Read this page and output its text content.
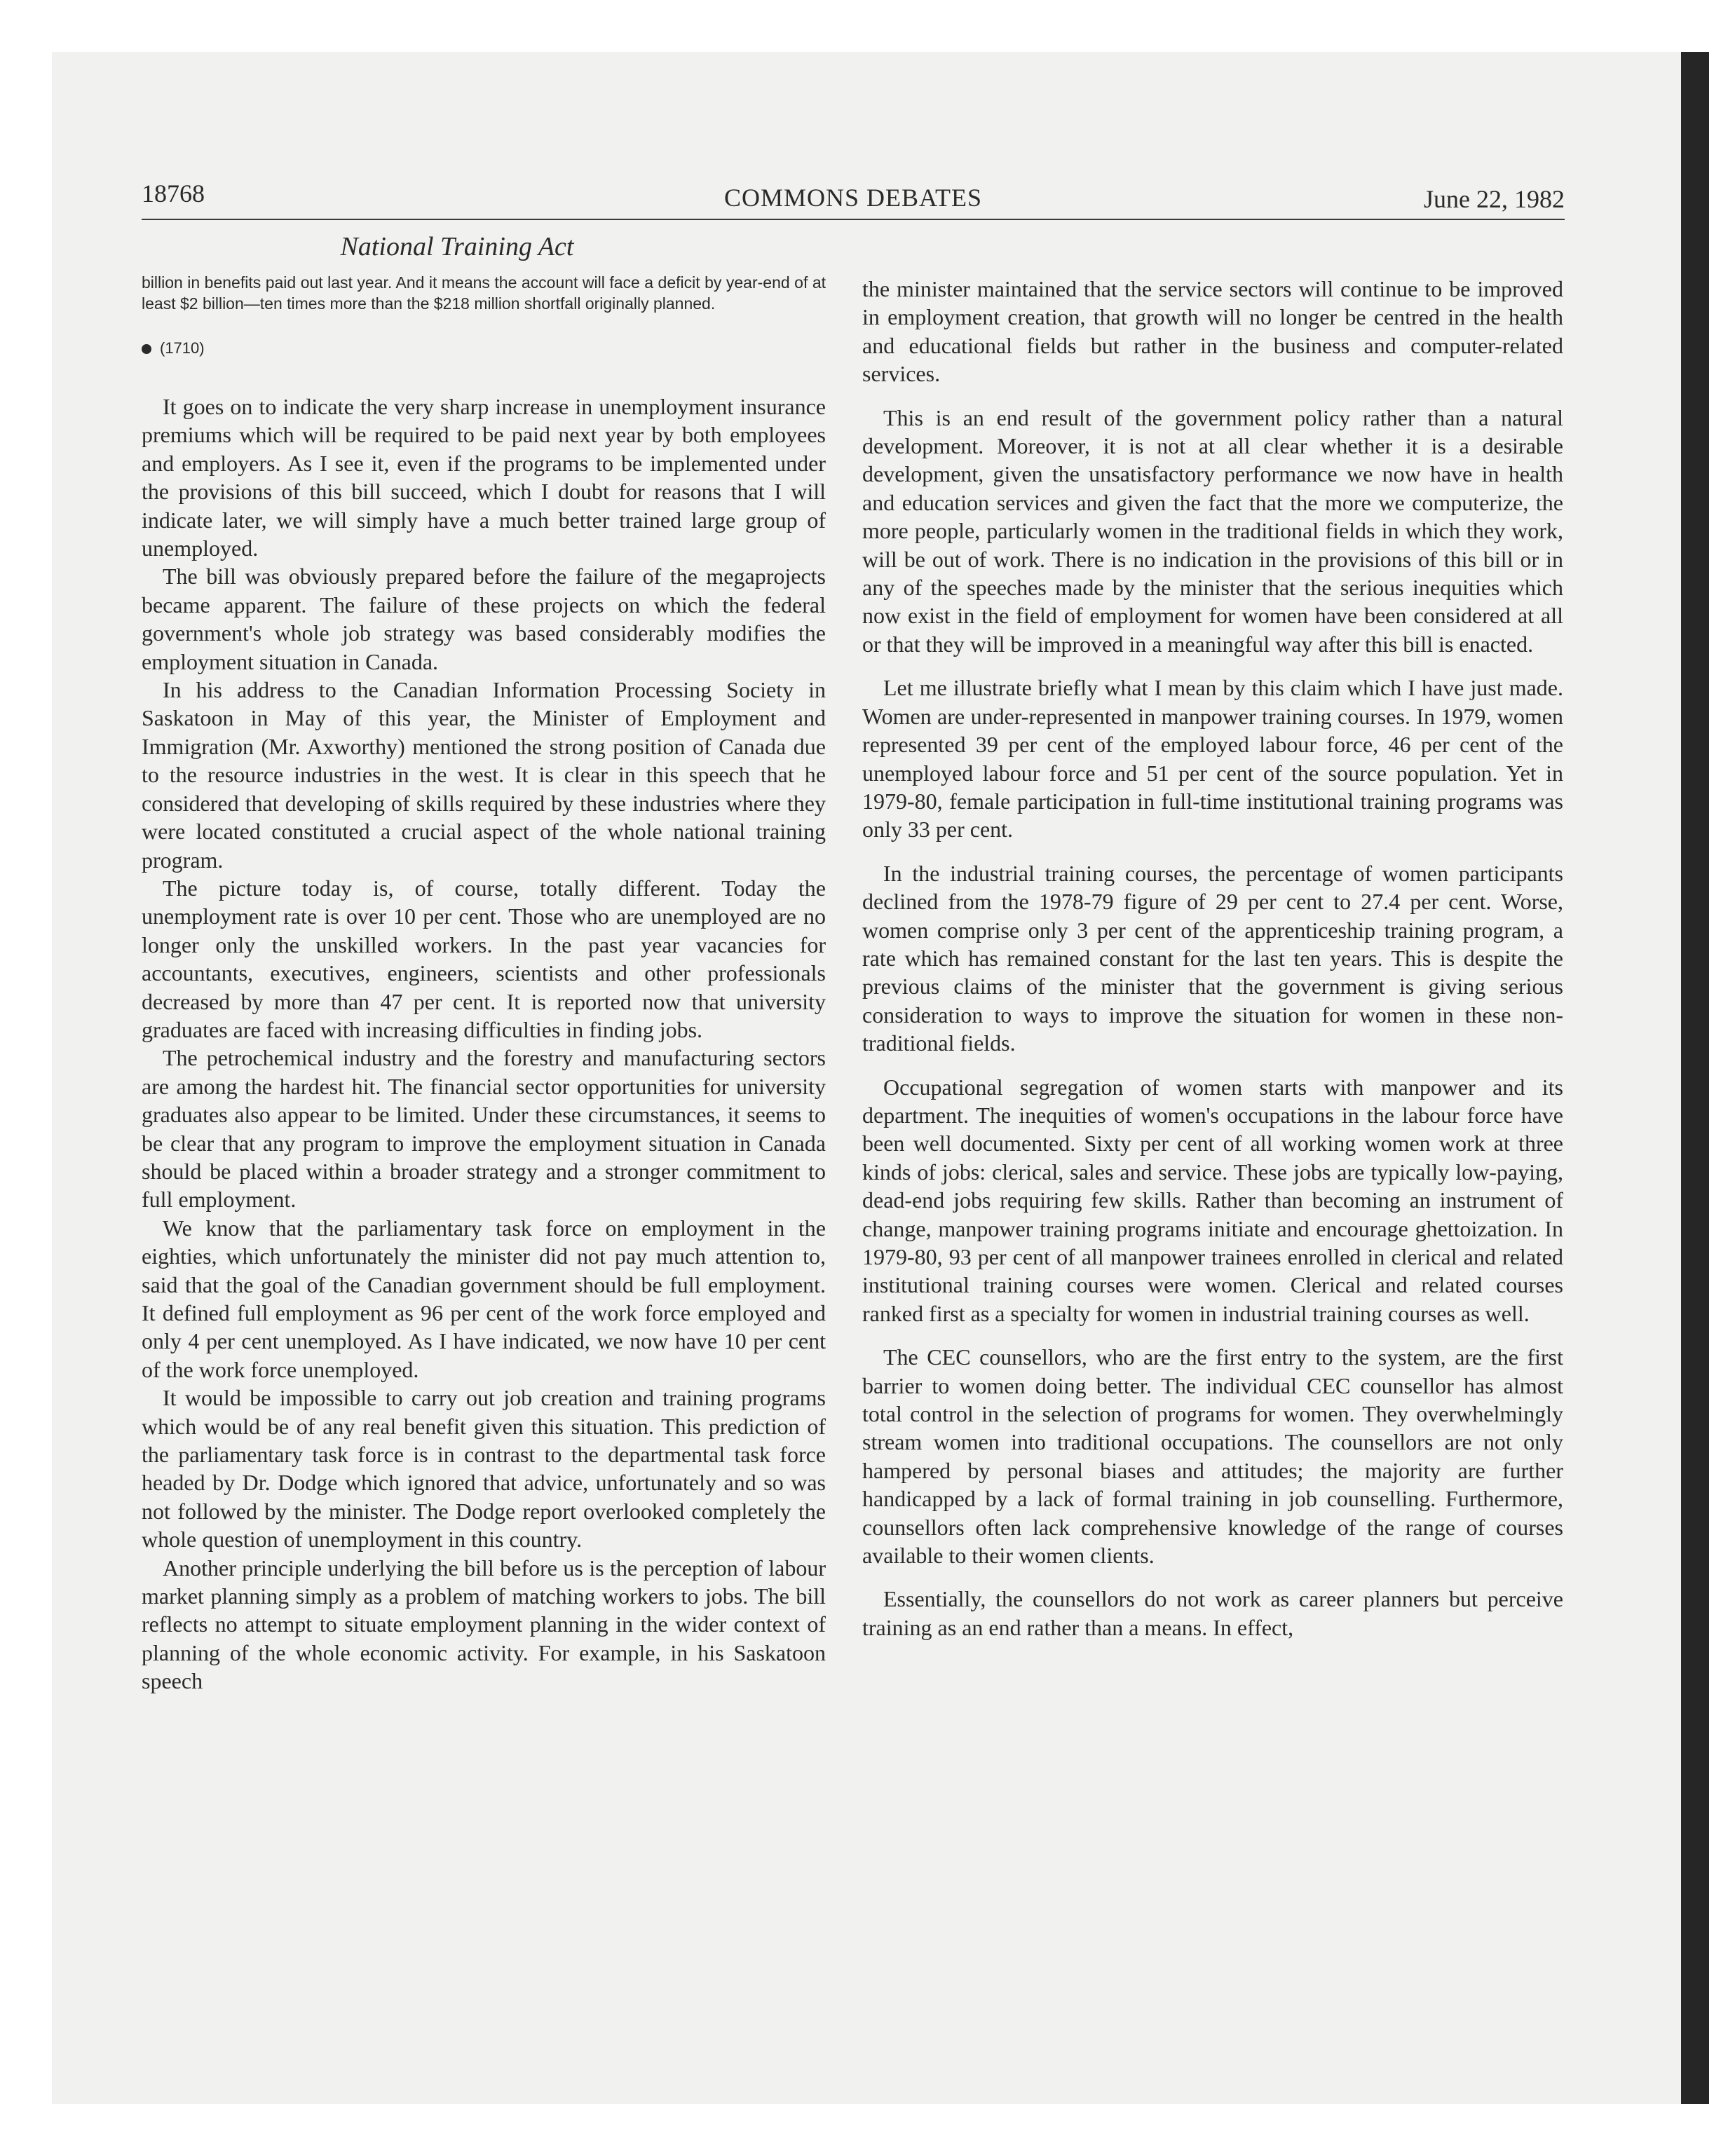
18768	COMMONS DEBATES	June 22, 1982
National Training Act

billion in benefits paid out last year. And it means the account will face a deficit by year-end of at least $2 billion—ten times more than the $218 million shortfall originally planned.

(1710)

It goes on to indicate the very sharp increase in unemployment insurance premiums which will be required to be paid next year by both employees and employers. As I see it, even if the programs to be implemented under the provisions of this bill succeed, which I doubt for reasons that I will indicate later, we will simply have a much better trained large group of unemployed.

The bill was obviously prepared before the failure of the megaprojects became apparent. The failure of these projects on which the federal government's whole job strategy was based considerably modifies the employment situation in Canada.

In his address to the Canadian Information Processing Society in Saskatoon in May of this year, the Minister of Employment and Immigration (Mr. Axworthy) mentioned the strong position of Canada due to the resource industries in the west. It is clear in this speech that he considered that developing of skills required by these industries where they were located constituted a crucial aspect of the whole national training program.

The picture today is, of course, totally different. Today the unemployment rate is over 10 per cent. Those who are unemployed are no longer only the unskilled workers. In the past year vacancies for accountants, executives, engineers, scientists and other professionals decreased by more than 47 per cent. It is reported now that university graduates are faced with increasing difficulties in finding jobs.

The petrochemical industry and the forestry and manufacturing sectors are among the hardest hit. The financial sector opportunities for university graduates also appear to be limited. Under these circumstances, it seems to be clear that any program to improve the employment situation in Canada should be placed within a broader strategy and a stronger commitment to full employment.

We know that the parliamentary task force on employment in the eighties, which unfortunately the minister did not pay much attention to, said that the goal of the Canadian government should be full employment. It defined full employment as 96 per cent of the work force employed and only 4 per cent unemployed. As I have indicated, we now have 10 per cent of the work force unemployed.

It would be impossible to carry out job creation and training programs which would be of any real benefit given this situation. This prediction of the parliamentary task force is in contrast to the departmental task force headed by Dr. Dodge which ignored that advice, unfortunately and so was not followed by the minister. The Dodge report overlooked completely the whole question of unemployment in this country.

Another principle underlying the bill before us is the perception of labour market planning simply as a problem of matching workers to jobs. The bill reflects no attempt to situate employment planning in the wider context of planning of the whole economic activity. For example, in his Saskatoon speech

the minister maintained that the service sectors will continue to be improved in employment creation, that growth will no longer be centred in the health and educational fields but rather in the business and computer-related services.

This is an end result of the government policy rather than a natural development. Moreover, it is not at all clear whether it is a desirable development, given the unsatisfactory performance we now have in health and education services and given the fact that the more we computerize, the more people, particularly women in the traditional fields in which they work, will be out of work. There is no indication in the provisions of this bill or in any of the speeches made by the minister that the serious inequities which now exist in the field of employment for women have been considered at all or that they will be improved in a meaningful way after this bill is enacted.

Let me illustrate briefly what I mean by this claim which I have just made. Women are under-represented in manpower training courses. In 1979, women represented 39 per cent of the employed labour force, 46 per cent of the unemployed labour force and 51 per cent of the source population. Yet in 1979-80, female participation in full-time institutional training programs was only 33 per cent.

In the industrial training courses, the percentage of women participants declined from the 1978-79 figure of 29 per cent to 27.4 per cent. Worse, women comprise only 3 per cent of the apprenticeship training program, a rate which has remained constant for the last ten years. This is despite the previous claims of the minister that the government is giving serious consideration to ways to improve the situation for women in these non-traditional fields.

Occupational segregation of women starts with manpower and its department. The inequities of women's occupations in the labour force have been well documented. Sixty per cent of all working women work at three kinds of jobs: clerical, sales and service. These jobs are typically low-paying, dead-end jobs requiring few skills. Rather than becoming an instrument of change, manpower training programs initiate and encourage ghettoization. In 1979-80, 93 per cent of all manpower trainees enrolled in clerical and related institutional training courses were women. Clerical and related courses ranked first as a specialty for women in industrial training courses as well.

The CEC counsellors, who are the first entry to the system, are the first barrier to women doing better. The individual CEC counsellor has almost total control in the selection of programs for women. They overwhelmingly stream women into traditional occupations. The counsellors are not only hampered by personal biases and attitudes; the majority are further handicapped by a lack of formal training in job counselling. Furthermore, counsellors often lack comprehensive knowledge of the range of courses available to their women clients.

Essentially, the counsellors do not work as career planners but perceive training as an end rather than a means. In effect,
